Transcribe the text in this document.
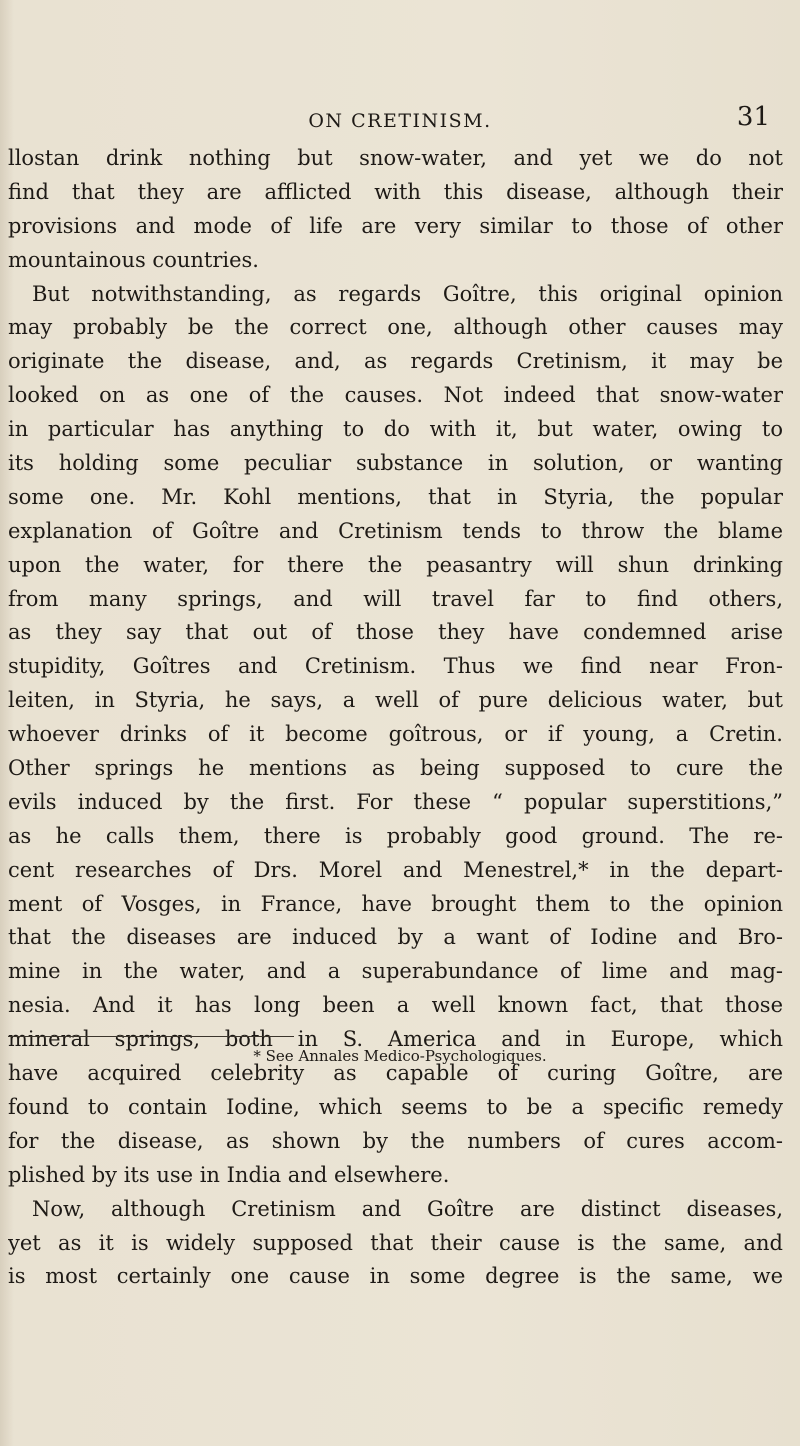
ON CRETINISM.	31
llostan drink nothing but snow-water, and yet we do not
find that they are afflicted with this disease, although their
provisions and mode of life are very similar to those of other
mountainous countries.
But notwithstanding, as regards Goître, this original opinion
may probably be the correct one, although other causes may
originate the disease, and, as regards Cretinism, it may be
looked on as one of the causes. Not indeed that snow-water
in particular has anything to do with it, but water, owing to
its holding some peculiar substance in solution, or wanting
some one. Mr. Kohl mentions, that in Styria, the popular
explanation of Goître and Cretinism tends to throw the blame
upon the water, for there the peasantry will shun drinking
from many springs, and will travel far to find others,
as they say that out of those they have condemned arise
stupidity, Goîtres and Cretinism. Thus we find near Fron-
leiten, in Styria, he says, a well of pure delicious water, but
whoever drinks of it become goîtrous, or if young, a Cretin.
Other springs he mentions as being supposed to cure the
evils induced by the first. For these “ popular superstitions,”
as he calls them, there is probably good ground. The re-
cent researches of Drs. Morel and Menestrel,* in the depart-
ment of Vosges, in France, have brought them to the opinion
that the diseases are induced by a want of Iodine and Bro-
mine in the water, and a superabundance of lime and mag-
nesia. And it has long been a well known fact, that those
mineral springs, both in S. America and in Europe, which
have acquired celebrity as capable of curing Goître, are
found to contain Iodine, which seems to be a specific remedy
for the disease, as shown by the numbers of cures accom-
plished by its use in India and elsewhere.
Now, although Cretinism and Goître are distinct diseases,
yet as it is widely supposed that their cause is the same, and
is most certainly one cause in some degree is the same, we
* See Annales Medico-Psychologiques.
